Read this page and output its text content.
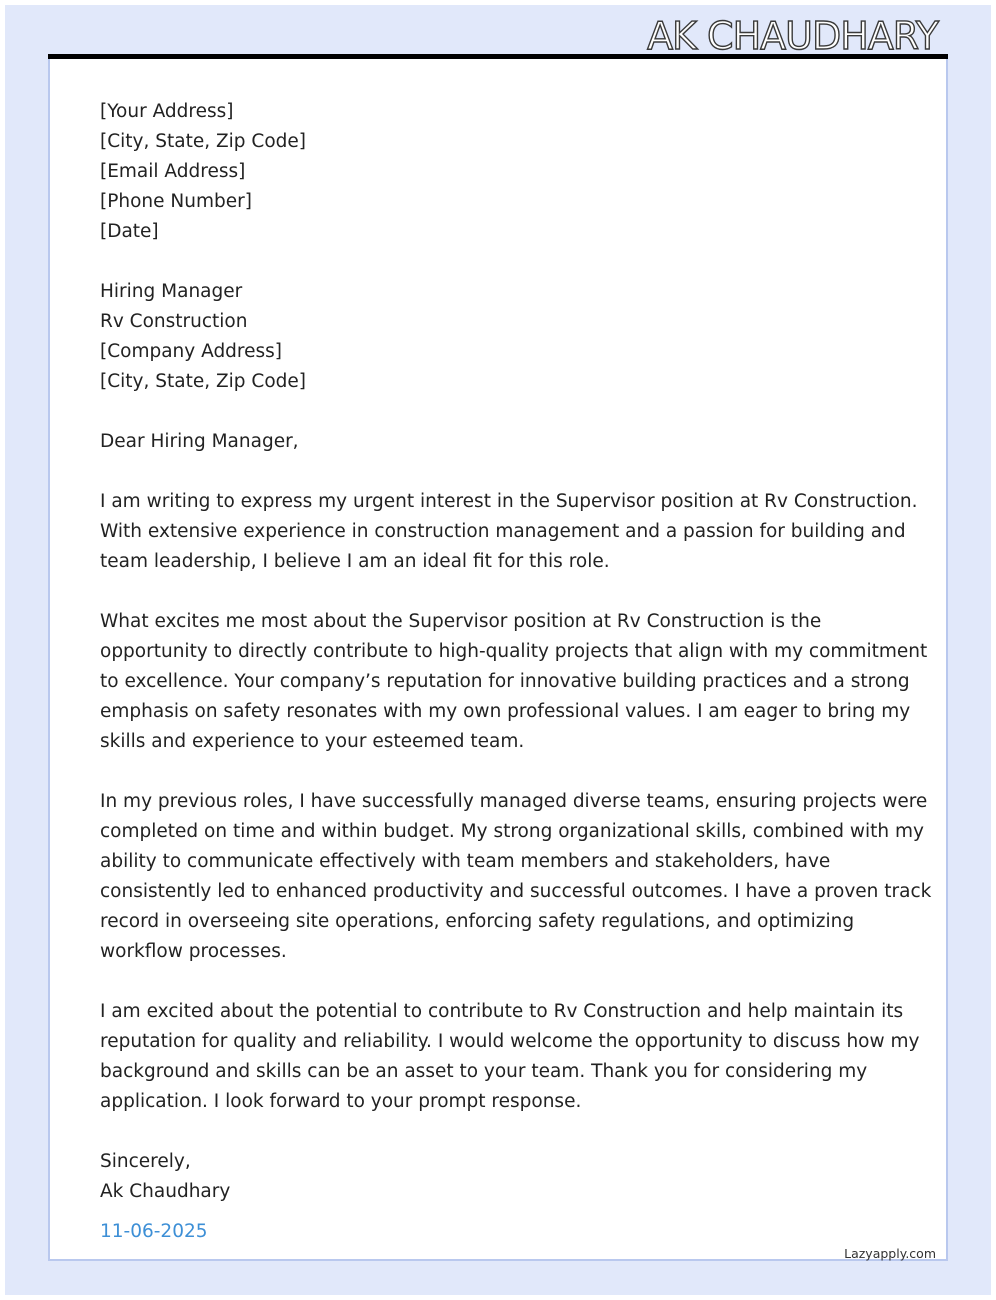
AK CHAUDHARY
[Your Address]
[City, State, Zip Code]
[Email Address]
[Phone Number]
[Date]
Hiring Manager
Rv Construction
[Company Address]
[City, State, Zip Code]
Dear Hiring Manager,
I am writing to express my urgent interest in the Supervisor position at Rv Construction.
With extensive experience in construction management and a passion for building and
team leadership, I believe I am an ideal fit for this role.
What excites me most about the Supervisor position at Rv Construction is the
opportunity to directly contribute to high-quality projects that align with my commitment
to excellence. Your company’s reputation for innovative building practices and a strong
emphasis on safety resonates with my own professional values. I am eager to bring my
skills and experience to your esteemed team.
In my previous roles, I have successfully managed diverse teams, ensuring projects were
completed on time and within budget. My strong organizational skills, combined with my
ability to communicate effectively with team members and stakeholders, have
consistently led to enhanced productivity and successful outcomes. I have a proven track
record in overseeing site operations, enforcing safety regulations, and optimizing
workflow processes.
I am excited about the potential to contribute to Rv Construction and help maintain its
reputation for quality and reliability. I would welcome the opportunity to discuss how my
background and skills can be an asset to your team. Thank you for considering my
application. I look forward to your prompt response.
Sincerely,
Ak Chaudhary
11-06-2025
Lazyapply.com
